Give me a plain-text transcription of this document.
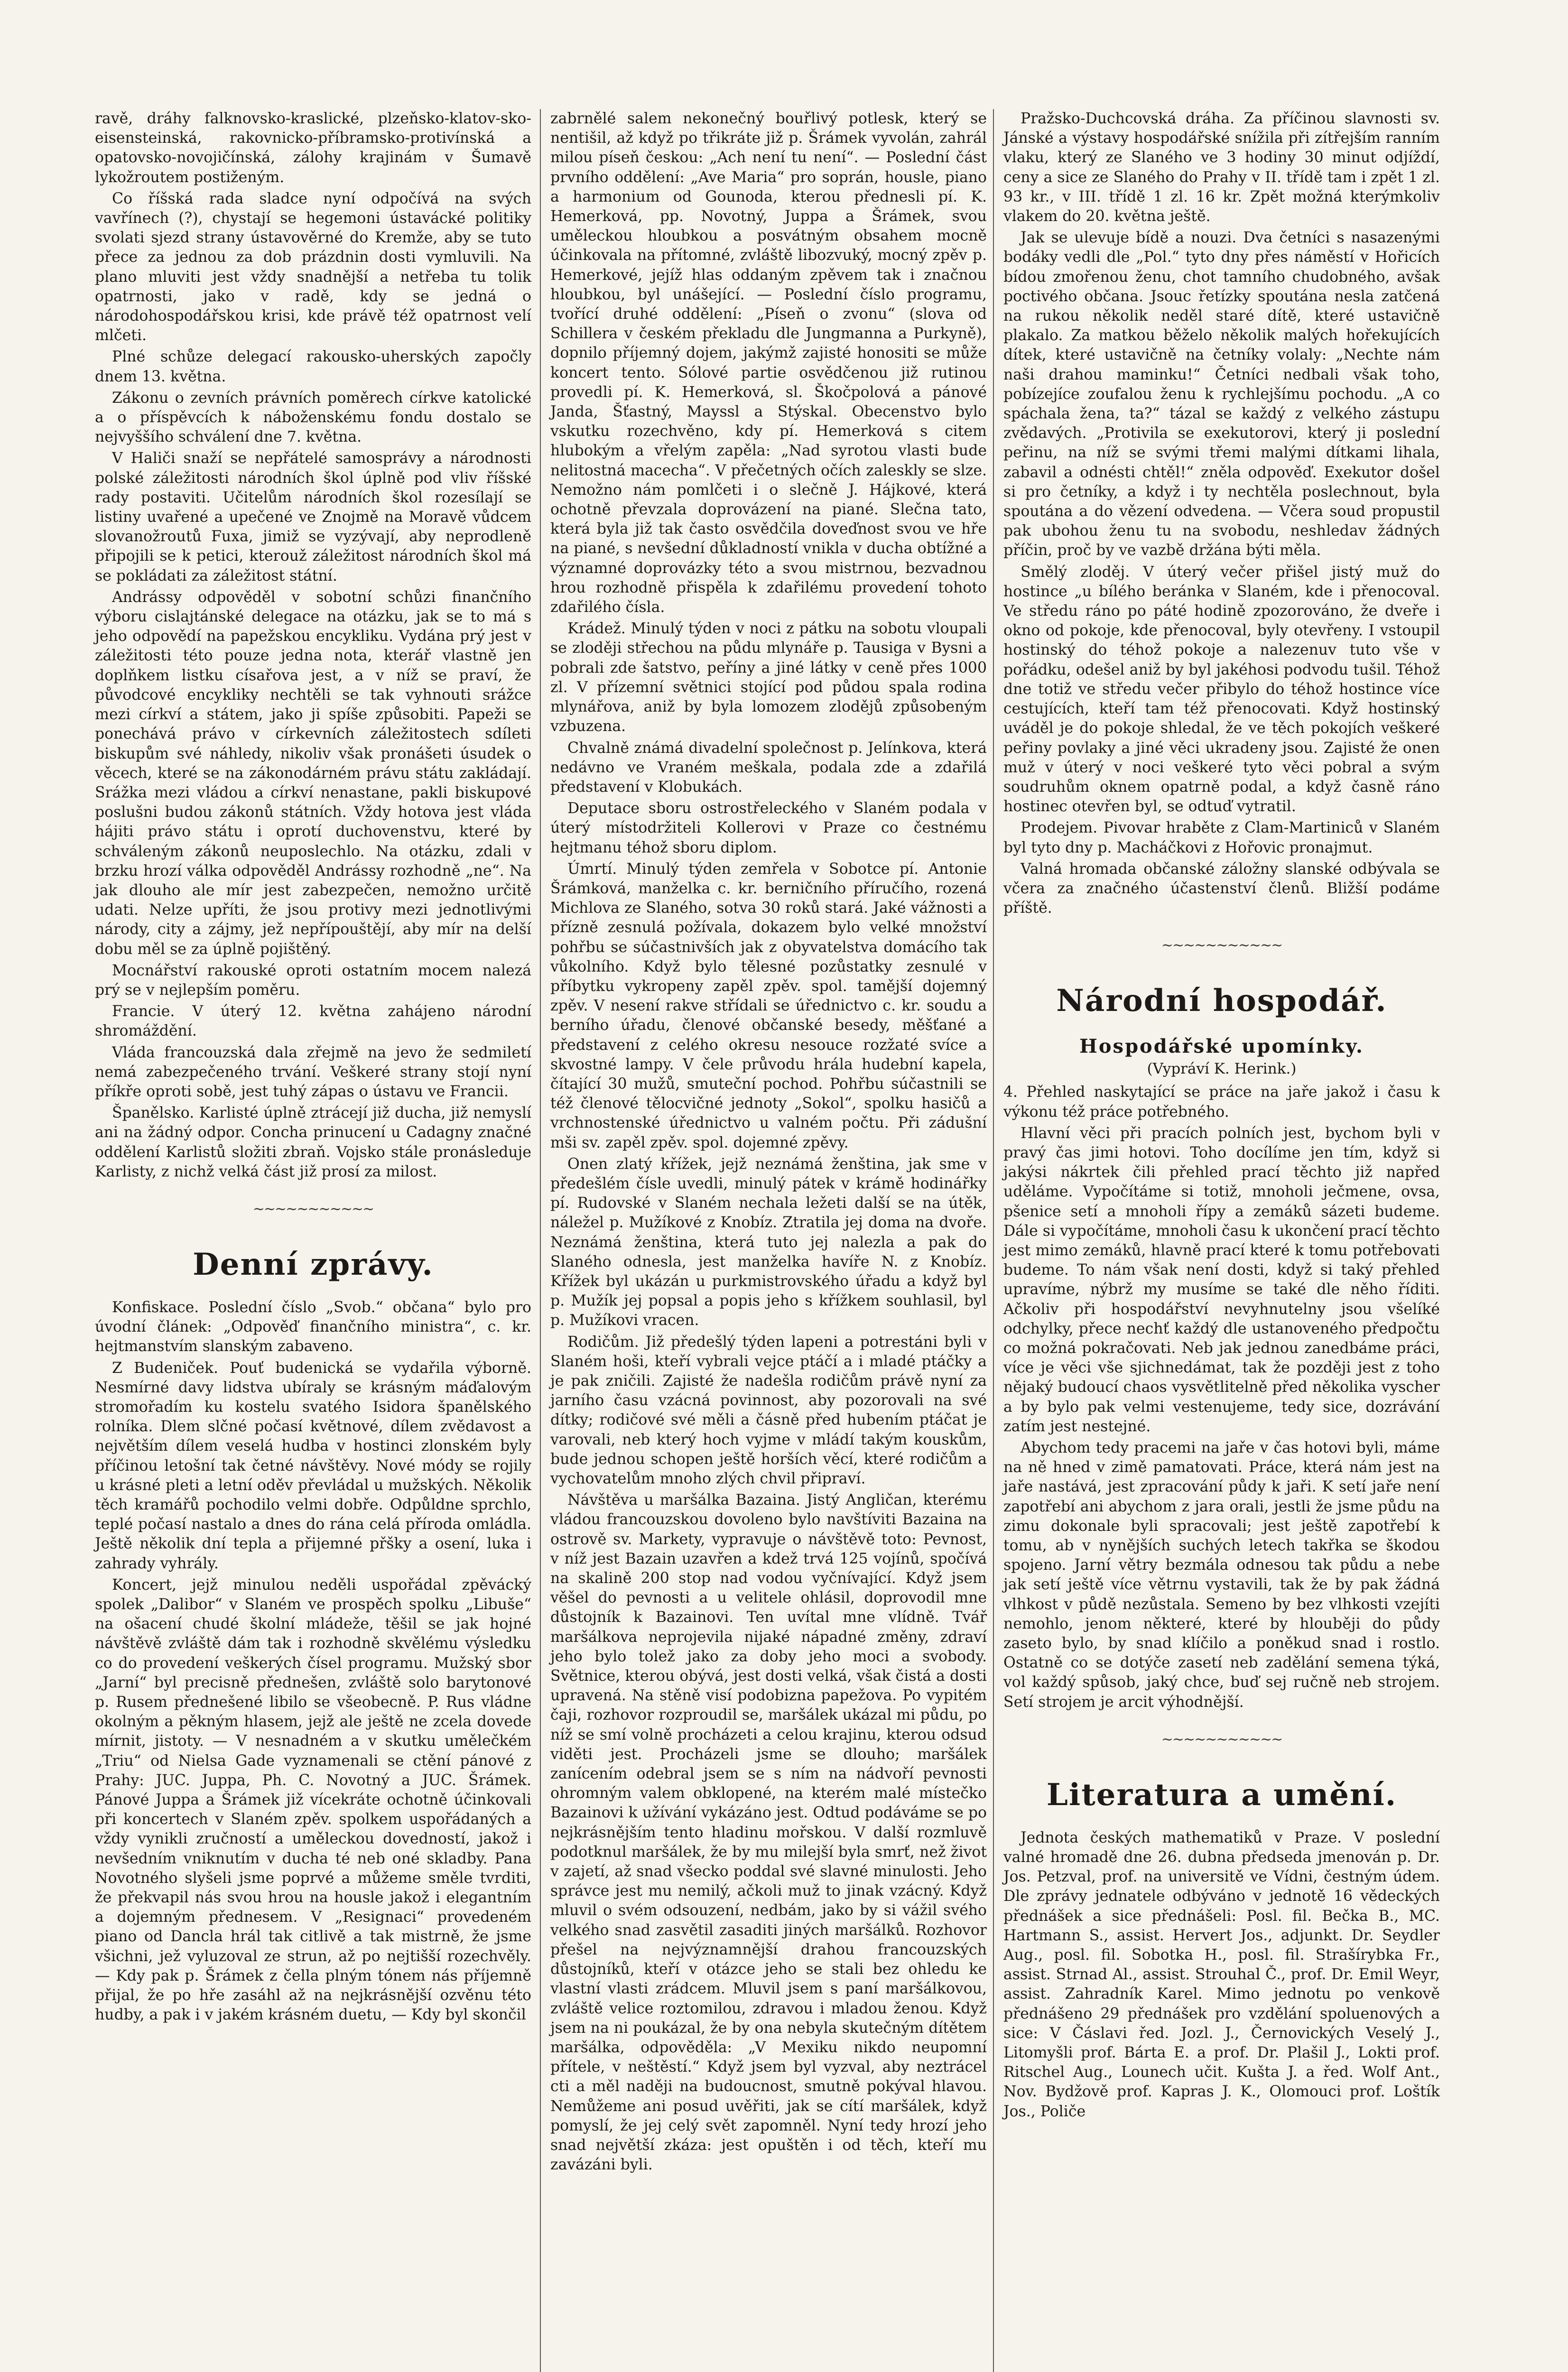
ravě, dráhy falknovsko-kraslické, plzeňsko-klatov-sko-eisensteinská, rakovnicko-příbramsko-protivínská a opatovsko-novojičínská, zálohy krajinám v Šumavě lykožroutem postiženým.

Co říšská rada sladce nyní odpočívá na svých vavřínech (?), chystají se hegemoni ústavácké politiky svolati sjezd strany ústavověrné do Kremže, aby se tuto přece za jednou za dob prázdnin dosti vymluvili. Na plano mluviti jest vždy snadnější a netřeba tu tolik opatrnosti, jako v radě, kdy se jedná o národohospodářskou krisi, kde právě též opatrnost velí mlčeti.

Plné schůze delegací rakousko-uherských započly dnem 13. května.

Zákonu o zevních právních poměrech církve katolické a o příspěvcích k náboženskému fondu dostalo se nejvyššího schválení dne 7. května.

V Haliči snaží se nepřátelé samosprávy a národnosti polské záležitosti národních škol úplně pod vliv říšské rady postaviti. Učitelům národních škol rozesílají se listiny uvařené a upečené ve Znojmě na Moravě vůdcem slovanožroutů Fuxa, jimiž se vyzývají, aby neprodleně připojili se k petici, kterouž záležitost národních škol má se pokládati za záležitost státní.

Andrássy odpověděl v sobotní schůzi finančního výboru cislajtánské delegace na otázku, jak se to má s jeho odpovědí na papežskou encykliku. Vydána prý jest v záležitosti této pouze jedna nota, kterář vlastně jen doplňkem listku císařova jest, a v níž se praví, že původcové encykliky nechtěli se tak vyhnouti srážce mezi církví a státem, jako ji spíše způsobiti. Papeži se ponechává právo v církevních záležitostech sdíleti biskupům své náhledy, nikoliv však pronášeti úsudek o věcech, které se na zákonodárném právu státu zakládají. Srážka mezi vládou a církví nenastane, pakli biskupové poslušni budou zákonů státních. Vždy hotova jest vláda hájiti právo státu i oprotí duchovenstvu, které by schváleným zákonů neuposlechlo. Na otázku, zdali v brzku hrozí válka odpověděl Andrássy rozhodně „ne“. Na jak dlouho ale mír jest zabezpečen, nemožno určitě udati. Nelze upříti, že jsou protivy mezi jednotlivými národy, city a zájmy, jež nepřípouštějí, aby mír na delší dobu měl se za úplně pojištěný.

Mocnářství rakouské oproti ostatním mocem nalezá prý se v nejlepším poměru.

Francie. V úterý 12. května zahájeno národní shromáždění.

Vláda francouzská dala zřejmě na jevo že sedmiletí nemá zabezpečeného trvání. Veškeré strany stojí nyní příkře oproti sobě, jest tuhý zápas o ústavu ve Francii.

Španělsko. Karlisté úplně ztrácejí již ducha, již nemyslí ani na žádný odpor. Concha prinucení u Cadagny značné oddělení Karlistů složiti zbraň. Vojsko stále pronásleduje Karlisty, z nichž velká část již prosí za milost.

~~~~~~~~~~~
Denní zprávy.

Konfiskace. Poslední číslo „Svob.“ občana“ bylo pro úvodní článek: „Odpověď finančního ministra“, c. kr. hejtmanstvím slanským zabaveno.

Z Budeniček. Pouť budenická se vydařila výborně. Nesmírné davy lidstva ubíraly se krásným máďalovým stromořadím ku kostelu svatého Isidora španělského rolníka. Dlem slčné počasí květnové, dílem zvědavost a největším dílem veselá hudba v hostinci zlonském byly příčinou letošní tak četné návštěvy. Nové módy se rojily u krásné pleti a letní oděv převládal u mužských. Několik těch kramářů pochodilo velmi dobře. Odpůldne sprchlo, teplé počasí nastalo a dnes do rána celá příroda omládla. Ještě několik dní tepla a přijemné přšky a osení, luka i zahrady vyhrály.

Koncert, jejž minulou neděli uspořádal zpěvácký spolek „Dalibor“ v Slaném ve prospěch spolku „Libuše“ na ošacení chudé školní mládeže, těšil se jak hojné návštěvě zvláště dám tak i rozhodně skvělému výsledku co do provedení veškerých čísel programu. Mužský sbor „Jarní“ byl precisně přednešen, zvláště solo barytonové p. Rusem přednešené libilo se všeobecně. P. Rus vládne okolným a pěkným hlasem, jejž ale ještě ne zcela dovede mírnit, jistoty. — V nesnadném a v skutku umělečkém „Triu“ od Nielsa Gade vyznamenali se ctění pánové z Prahy: JUC. Juppa, Ph. C. Novotný a JUC. Šrámek. Pánové Juppa a Šrámek již vícekráte ochotně účinkovali při koncertech v Slaném zpěv. spolkem uspořádaných a vždy vynikli zručností a uměleckou dovedností, jakož i nevšedním vniknutím v ducha té neb oné skladby. Pana Novotného slyšeli jsme poprvé a můžeme směle tvrditi, že překvapil nás svou hrou na housle jakož i elegantním a dojemným přednesem. V „Resignaci“ provedeném piano od Dancla hrál tak citlivě a tak mistrně, že jsme všichni, jež vyluzoval ze strun, až po nejtišší rozechvěly. — Kdy pak p. Šrámek z čella plným tónem nás příjemně přijal, že po hře zasáhl až na nejkrásnější ozvěnu této hudby, a pak i v jakém krásném duetu, — Kdy byl skončil

zabrnělé salem nekonečný bouřlivý potlesk, který se nentišil, až když po třikráte již p. Šrámek vyvolán, zahrál milou píseň českou: „Ach není tu není“. — Poslední část prvního oddělení: „Ave Maria“ pro soprán, housle, piano a harmonium od Gounoda, kterou přednesli pí. K. Hemerková, pp. Novotný, Juppa a Šrámek, svou uměleckou hloubkou a posvátným obsahem mocně účinkovala na přítomné, zvláště libozvuký, mocný zpěv p. Hemerkové, jejíž hlas oddaným zpěvem tak i značnou hloubkou, byl unášející. — Poslední číslo programu, tvořící druhé oddělení: „Píseň o zvonu“ (slova od Schillera v českém překladu dle Jungmanna a Purkyně), dopnilo příjemný dojem, jakýmž zajisté honositi se může koncert tento. Sólové partie osvědčenou již rutinou provedli pí. K. Hemerková, sl. Škočpolová a pánové Janda, Šťastný, Mayssl a Stýskal. Obecenstvo bylo vskutku rozechvěno, kdy pí. Hemerková s citem hlubokým a vřelým zapěla: „Nad syrotou vlasti bude nelitostná macecha“. V přečetných očích zaleskly se slze. Nemožno nám pomlčeti i o slečně J. Hájkové, která ochotně převzala doprovázení na piané. Slečna tato, která byla již tak často osvědčila doveďnost svou ve hře na piané, s nevšední důkladností vnikla v ducha obtížné a významné doprovázky této a svou mistrnou, bezvadnou hrou rozhodně přispěla k zdařilému provedení tohoto zdařilého čísla.

Krádež. Minulý týden v noci z pátku na sobotu vloupali se zloději střechou na půdu mlynáře p. Tausiga v Bysni a pobrali zde šatstvo, peříny a jiné látky v ceně přes 1000 zl. V přízemní světnici stojící pod půdou spala rodina mlynářova, aniž by byla lomozem zlodějů způsobeným vzbuzena.

Chvalně známá divadelní společnost p. Jelínkova, která nedávno ve Vraném meškala, podala zde a zdařilá představení v Klobukách.

Deputace sboru ostrostřeleckého v Slaném podala v úterý místodržiteli Kollerovi v Praze co čestnému hejtmanu téhož sboru diplom.

Úmrtí. Minulý týden zemřela v Sobotce pí. Antonie Šrámková, manželka c. kr. berničního příručího, rozená Michlova ze Slaného, sotva 30 roků stará. Jaké vážnosti a přízně zesnulá požívala, dokazem bylo velké množství pohřbu se súčastnivších jak z obyvatelstva domácího tak vůkolního. Když bylo tělesné pozůstatky zesnulé v příbytku vykropeny zapěl zpěv. spol. tamější dojemný zpěv. V nesení rakve střídali se úřednictvo c. kr. soudu a berního úřadu, členové občanské besedy, měšťané a představení z celého okresu nesouce rozžaté svíce a skvostné lampy. V čele průvodu hrála hudební kapela, čítající 30 mužů, smuteční pochod. Pohřbu súčastnili se též členové tělocvičné jednoty „Sokol“, spolku hasičů a vrchnostenské úřednictvo u valném počtu. Při zádušní mši sv. zapěl zpěv. spol. dojemné zpěvy.

Onen zlatý křížek, jejž neznámá ženština, jak sme v předešlém čísle uvedli, minulý pátek v krámě hodinářky pí. Rudovské v Slaném nechala ležeti další se na útěk, náležel p. Mužíkové z Knobíz. Ztratila jej doma na dvoře. Neznámá ženština, která tuto jej nalezla a pak do Slaného odnesla, jest manželka havíře N. z Knobíz. Křížek byl ukázán u purkmistrovského úřadu a když byl p. Mužík jej popsal a popis jeho s křížkem souhlasil, byl p. Mužíkovi vracen.

Rodičům. Již předešlý týden lapeni a potrestáni byli v Slaném hoši, kteří vybrali vejce ptáčí a i mladé ptáčky a je pak zničili. Zajisté že nadešla rodičům právě nyní za jarního času vzácná povinnost, aby pozorovali na své dítky; rodičové své měli a čásně před hubením ptáčat je varovali, neb který hoch vyjme v mládí takým kouskům, bude jednou schopen ještě horších věcí, které rodičům a vychovatelům mnoho zlých chvil připraví.

Návštěva u maršálka Bazaina. Jistý Angličan, kterému vládou francouzskou dovoleno bylo navštíviti Bazaina na ostrově sv. Markety, vypravuje o návštěvě toto: Pevnost, v níž jest Bazain uzavřen a kdež trvá 125 vojínů, spočívá na skalině 200 stop nad vodou vyčnívající. Když jsem věšel do pevnosti a u velitele ohlásil, doprovodil mne důstojník k Bazainovi. Ten uvítal mne vlídně. Tvář maršálkova neprojevila nijaké nápadné změny, zdraví jeho bylo tolež jako za doby jeho moci a svobody. Světnice, kterou obývá, jest dosti velká, však čistá a dosti upravená. Na stěně visí podobizna papežova. Po vypitém čaji, rozhovor rozproudil se, maršálek ukázal mi půdu, po níž se smí volně procházeti a celou krajinu, kterou odsud viděti jest. Procházeli jsme se dlouho; maršálek zanícením odebral jsem se s ním na nádvoří pevnosti ohromným valem obklopené, na kterém malé místečko Bazainovi k užívání vykázáno jest. Odtud podáváme se po nejkrásnějším tento hladinu mořskou. V další rozmluvě podotknul maršálek, že by mu milejší byla smrť, než život v zajetí, až snad všecko poddal své slavné minulosti. Jeho správce jest mu nemilý, ačkoli muž to jinak vzácný. Když mluvil o svém odsouzení, nedbám, jako by si vážil svého velkého snad zasvětil zasaditi jiných maršálků. Rozhovor přešel na nejvýznamnější drahou francouzských důstojníků, kteří v otázce jeho se stali bez ohledu ke vlastní vlasti zrádcem. Mluvil jsem s paní maršálkovou, zvláště velice roztomilou, zdravou i mladou ženou. Když jsem na ni poukázal, že by ona nebyla skutečným dítětem maršálka, odpověděla: „V Mexiku nikdo neupomní přítele, v neštěstí.“ Když jsem byl vyzval, aby neztrácel cti a měl naději na budoucnost, smutně pokýval hlavou. Nemůžeme ani posud uvěřiti, jak se cítí maršálek, když pomyslí, že jej celý svět zapomněl. Nyní tedy hrozí jeho snad největší zkáza: jest opuštěn i od těch, kteří mu zavázáni byli.

Pražsko-Duchcovská dráha. Za příčinou slavnosti sv. Jánské a výstavy hospodářské snížila při zítřejším ranním vlaku, který ze Slaného ve 3 hodiny 30 minut odjíždí, ceny a sice ze Slaného do Prahy v II. třídě tam i zpět 1 zl. 93 kr., v III. třídě 1 zl. 16 kr. Zpět možná kterýmkoliv vlakem do 20. května ještě.

Jak se ulevuje bídě a nouzi. Dva četníci s nasazenými bodáky vedli dle „Pol.“ tyto dny přes náměstí v Hořicích bídou zmořenou ženu, chot tamního chudobného, avšak poctivého občana. Jsouc řetízky spoutána nesla zatčená na rukou několik neděl staré dítě, které ustavičně plakalo. Za matkou běželo několik malých hořekujících dítek, které ustavičně na četníky volaly: „Nechte nám naši drahou maminku!“ Četníci nedbali však toho, pobízejíce zoufalou ženu k rychlejšímu pochodu. „A co spáchala žena, ta?“ tázal se každý z velkého zástupu zvědavých. „Protivila se exekutorovi, který ji poslední peřinu, na níž se svými třemi malými dítkami lihala, zabavil a odnésti chtěl!“ zněla odpověď. Exekutor došel si pro četníky, a když i ty nechtěla poslechnout, byla spoutána a do vězení odvedena. — Včera soud propustil pak ubohou ženu tu na svobodu, neshledav žádných příčin, proč by ve vazbě držána býti měla.

Smělý zloděj. V úterý večer přišel jistý muž do hostince „u bílého beránka v Slaném, kde i přenocoval. Ve středu ráno po páté hodině zpozorováno, že dveře i okno od pokoje, kde přenocoval, byly otevřeny. I vstoupil hostinský do téhož pokoje a nalezenuv tuto vše v pořádku, odešel aniž by byl jakéhosi podvodu tušil. Téhož dne totiž ve středu večer přibylo do téhož hostince více cestujících, kteří tam též přenocovati. Když hostinský uváděl je do pokoje shledal, že ve těch pokojích veškeré peřiny povlaky a jiné věci ukradeny jsou. Zajisté že onen muž v úterý v noci veškeré tyto věci pobral a svým soudruhům oknem opatrně podal, a když časně ráno hostinec otevřen byl, se odtuď vytratil.

Prodejem. Pivovar hraběte z Clam-Martiniců v Slaném byl tyto dny p. Macháčkovi z Hořovic pronajmut.

Valná hromada občanské záložny slanské odbývala se včera za značného účastenství členů. Bližší podáme příště.

~~~~~~~~~~~
Národní hospodář.

Hospodářské upomínky.

(Vypráví K. Herink.)

4. Přehled naskytající se práce na jaře jakož i času k výkonu též práce potřebného.

Hlavní věci při pracích polních jest, bychom byli v pravý čas jimi hotovi. Toho docílíme jen tím, když si jakýsi nákrtek čili přehled prací těchto již napřed uděláme. Vypočítáme si totiž, mnoholi ječmene, ovsa, pšenice setí a mnoholi řípy a zemáků sázeti budeme. Dále si vypočítáme, mnoholi času k ukončení prací těchto jest mimo zemáků, hlavně prací které k tomu potřebovati budeme. To nám však není dosti, když si taký přehled upravíme, nýbrž my musíme se také dle něho říditi. Ačkoliv při hospodářství nevyhnutelny jsou všelíké odchylky, přece nechť každý dle ustanoveného předpočtu co možná pokračovati. Neb jak jednou zanedbáme práci, více je věci vše sjichnedámat, tak že později jest z toho nějaký budoucí chaos vysvětlitelně před několika vyscher a by bylo pak velmi vestenujeme, tedy sice, dozrávání zatím jest nestejné.

Abychom tedy pracemi na jaře v čas hotovi byli, máme na ně hned v zimě pamatovati. Práce, která nám jest na jaře nastává, jest zpracování půdy k jaři. K setí jaře není zapotřebí ani abychom z jara orali, jestli že jsme půdu na zimu dokonale byli spracovali; jest ještě zapotřebí k tomu, ab v nynějších suchých letech takřka se škodou spojeno. Jarní větry bezmála odnesou tak půdu a nebe jak setí ještě více větrnu vystavili, tak že by pak žádná vlhkost v půdě nezůstala. Semeno by bez vlhkosti vzejíti nemohlo, jenom některé, které by hlouběji do půdy zaseto bylo, by snad klíčilo a poněkud snad i rostlo. Ostatně co se dotýče zasetí neb zadělání semena týká, vol každý spůsob, jaký chce, buď sej ručně neb strojem. Setí strojem je arcit výhodnější.

~~~~~~~~~~~
Literatura a umění.

Jednota českých mathematiků v Praze. V poslední valné hromadě dne 26. dubna předseda jmenován p. Dr. Jos. Petzval, prof. na universitě ve Vídni, čestným údem. Dle zprávy jednatele odbýváno v jednotě 16 vědeckých přednášek a sice přednášeli: Posl. fil. Bečka B., MC. Hartmann S., assist. Hervert Jos., adjunkt. Dr. Seydler Aug., posl. fil. Sobotka H., posl. fil. Strašírybka Fr., assist. Strnad Al., assist. Strouhal Č., prof. Dr. Emil Weyr, assist. Zahradník Karel. Mimo jednotu po venkově přednášeno 29 přednášek pro vzdělání spoluenových a sice: V Čáslavi řed. Jozl. J., Černovických Veselý J., Litomyšli prof. Bárta E. a prof. Dr. Plašil J., Lokti prof. Ritschel Aug., Lounech učit. Kušta J. a řed. Wolf Ant., Nov. Bydžově prof. Kapras J. K., Olomouci prof. Loštík Jos., Poliče
